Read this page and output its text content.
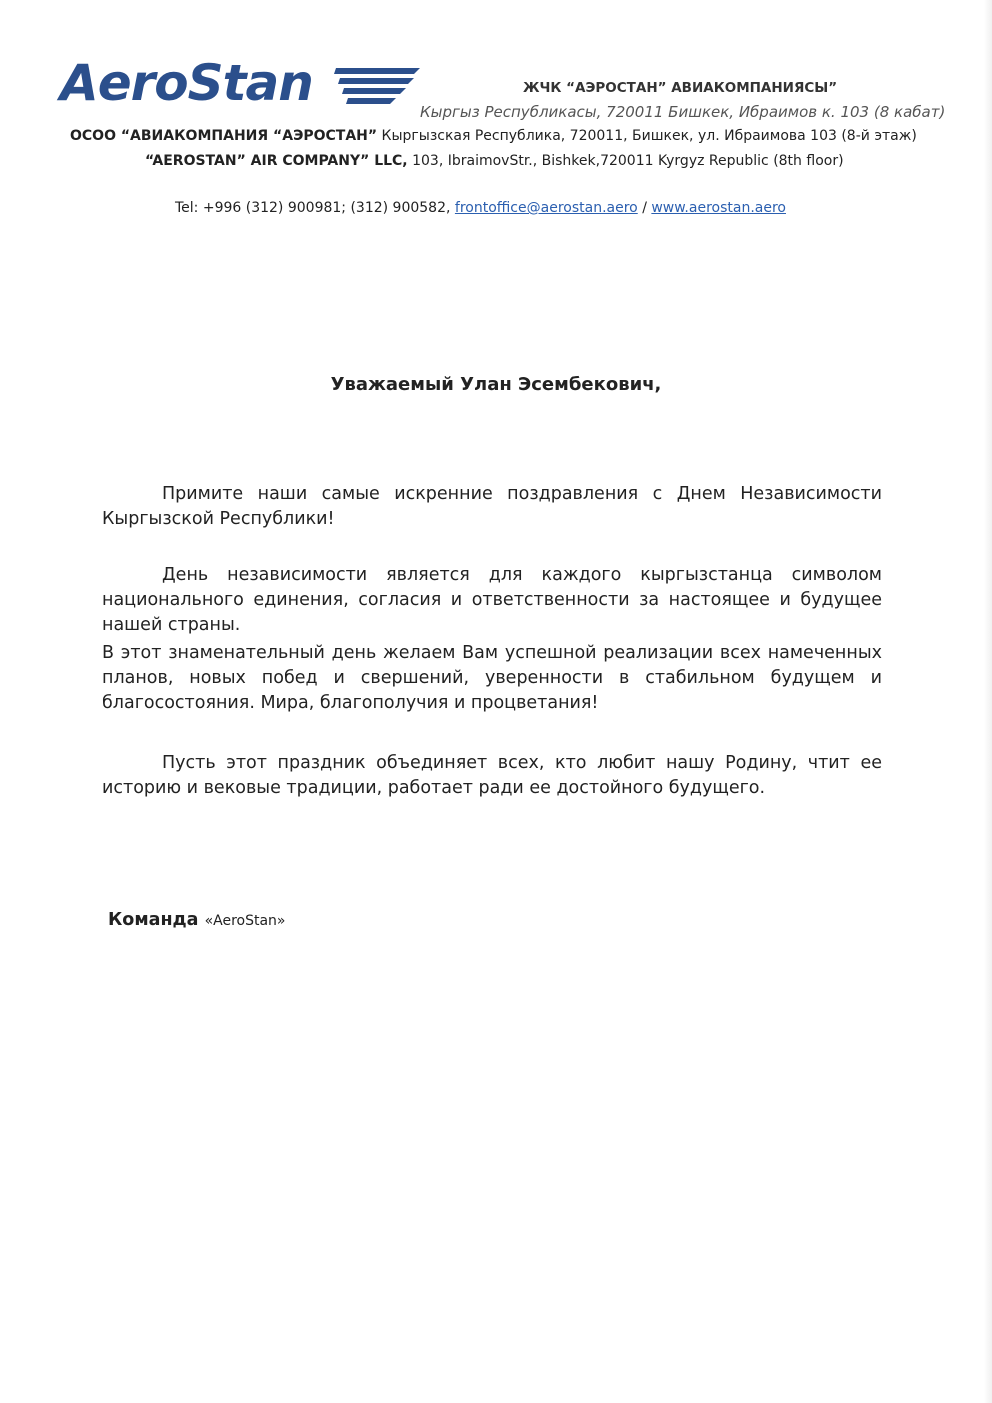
AeroStan	ЖЧК “АЭРОСТАН” АВИАКОМПАНИЯСЫ”
Кыргыз Республикасы, 720011 Бишкек, Ибраимов к. 103 (8 кабат)
ОСОО “АВИАКОМПАНИЯ “АЭРОСТАН” Кыргызская Республика, 720011, Бишкек, ул. Ибраимова 103 (8-й этаж)
“AEROSTAN” AIR COMPANY” LLC, 103, IbraimovStr., Bishkek,720011 Kyrgyz Republic (8th floor)
Tel: +996 (312) 900981; (312) 900582, frontoffice@aerostan.aero / www.aerostan.aero
Уважаемый Улан Эсембекович,
Примите наши самые искренние поздравления с Днем Независимости Кыргызской Республики!
День независимости является для каждого кыргызстанца символом национального единения, согласия и ответственности за настоящее и будущее нашей страны.
В этот знаменательный день желаем Вам успешной реализации всех намеченных планов, новых побед и свершений, уверенности в стабильном будущем и благосостояния. Мира, благополучия и процветания!
Пусть этот праздник объединяет всех, кто любит нашу Родину, чтит ее историю и вековые традиции, работает ради ее достойного будущего.
Команда «AeroStan»
